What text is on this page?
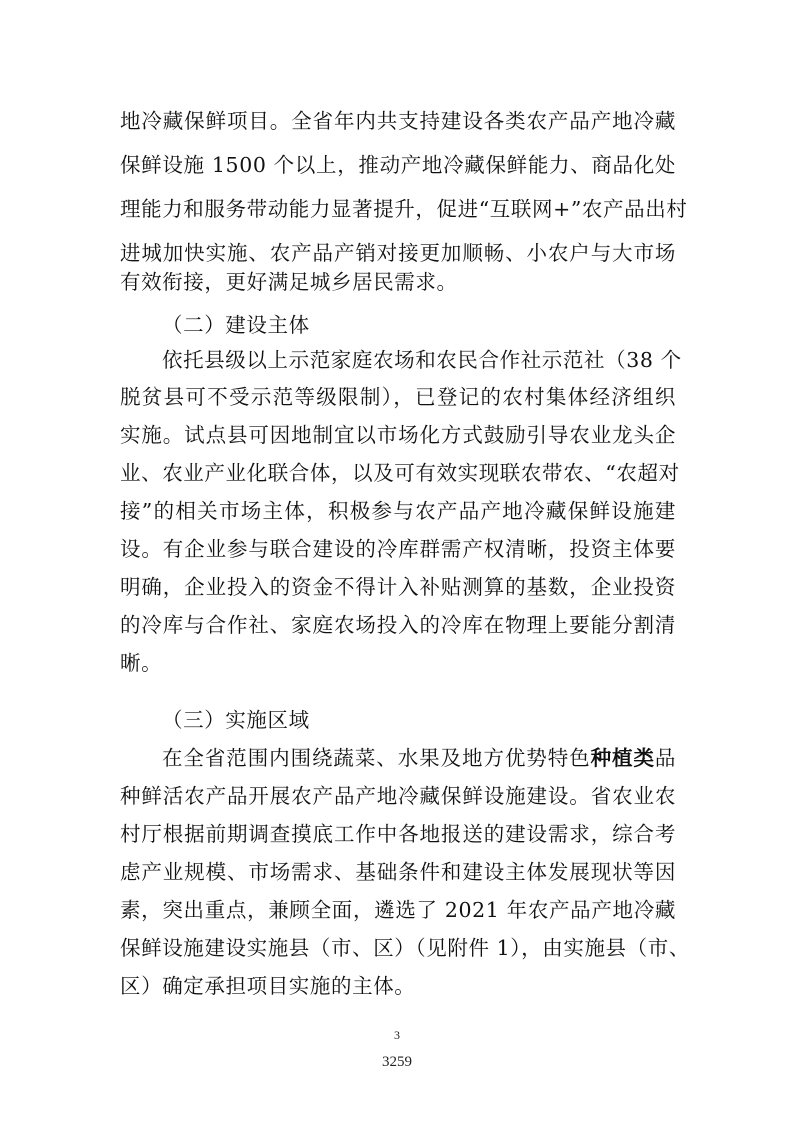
地冷藏保鲜项目。全省年内共支持建设各类农产品产地冷藏
保鲜设施 1500 个以上，推动产地冷藏保鲜能力、商品化处
理能力和服务带动能力显著提升，促进“互联网+”农产品出村
进城加快实施、农产品产销对接更加顺畅、小农户与大市场
有效衔接，更好满足城乡居民需求。
（二）建设主体
依托县级以上示范家庭农场和农民合作社示范社（38 个
脱贫县可不受示范等级限制），已登记的农村集体经济组织
实施。试点县可因地制宜以市场化方式鼓励引导农业龙头企
业、农业产业化联合体，以及可有效实现联农带农、“农超对
接”的相关市场主体，积极参与农产品产地冷藏保鲜设施建
设。有企业参与联合建设的冷库群需产权清晰，投资主体要
明确，企业投入的资金不得计入补贴测算的基数，企业投资
的冷库与合作社、家庭农场投入的冷库在物理上要能分割清
晰。
（三）实施区域
在全省范围内围绕蔬菜、水果及地方优势特色种植类品
种鲜活农产品开展农产品产地冷藏保鲜设施建设。省农业农
村厅根据前期调查摸底工作中各地报送的建设需求，综合考
虑产业规模、市场需求、基础条件和建设主体发展现状等因
素，突出重点，兼顾全面，遴选了 2021 年农产品产地冷藏
保鲜设施建设实施县（市、区）（见附件 1），由实施县（市、
区）确定承担项目实施的主体。
3
3259
